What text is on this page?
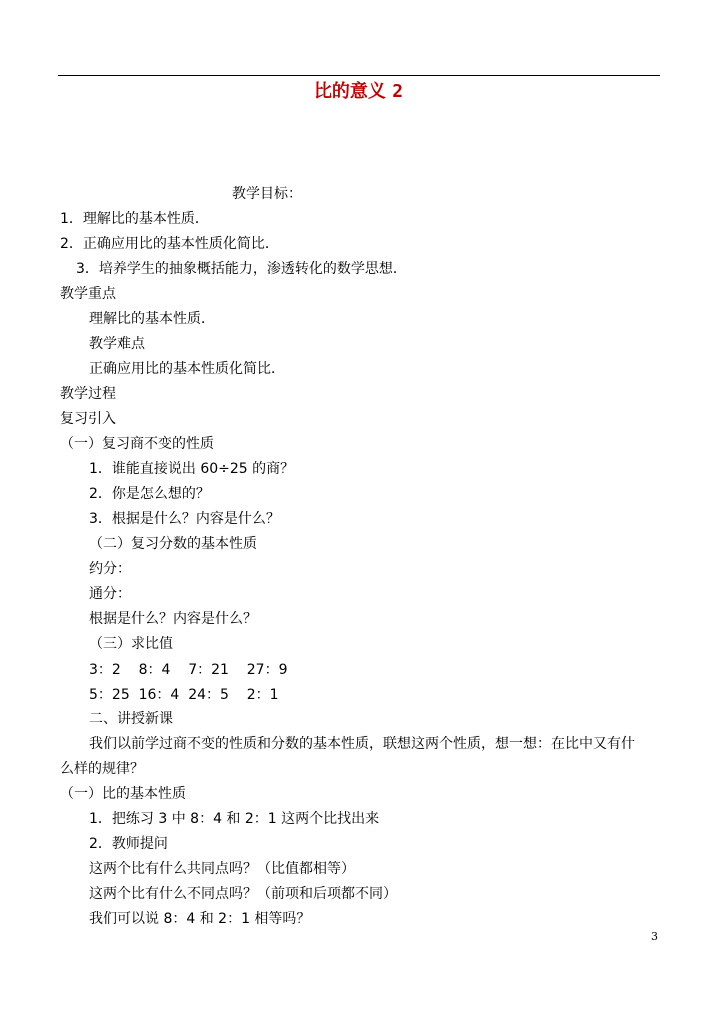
比的意义 2
教学目标：
1．理解比的基本性质．
2．正确应用比的基本性质化简比．
3．培养学生的抽象概括能力，渗透转化的数学思想．
教学重点
理解比的基本性质．
教学难点
正确应用比的基本性质化简比．
教学过程
复习引入
（一）复习商不变的性质
1．谁能直接说出 60÷25 的商？
2．你是怎么想的？
3．根据是什么？内容是什么？
（二）复习分数的基本性质
约分：
通分：
根据是什么？内容是什么？
（三）求比值
3：2    8：4    7：21    27：9
5：25  16：4  24：5    2：1
二、讲授新课
我们以前学过商不变的性质和分数的基本性质，联想这两个性质，想一想：在比中又有什
么样的规律？
（一）比的基本性质
1．把练习 3 中 8：4 和 2：1 这两个比找出来
2．教师提问
这两个比有什么共同点吗？（比值都相等）
这两个比有什么不同点吗？（前项和后项都不同）
我们可以说 8：4 和 2：1 相等吗？
3
